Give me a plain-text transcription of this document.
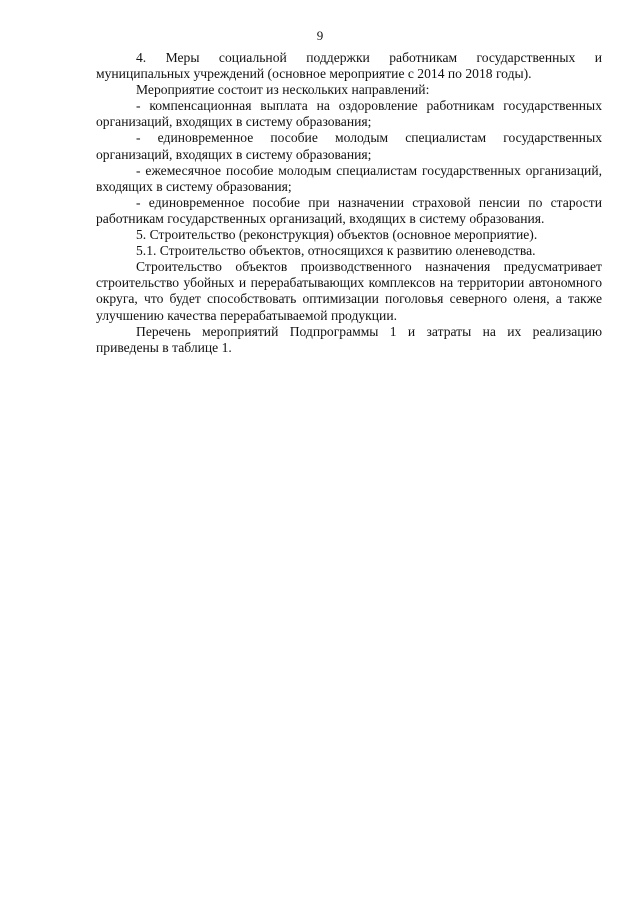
9

4. Меры социальной поддержки работникам государственных и муниципальных учреждений (основное мероприятие с 2014 по 2018 годы).

Мероприятие состоит из нескольких направлений:

- компенсационная выплата на оздоровление работникам государственных организаций, входящих в систему образования;

- единовременное пособие молодым специалистам государственных организаций, входящих в систему образования;

- ежемесячное пособие молодым специалистам государственных организаций, входящих в систему образования;

- единовременное пособие при назначении страховой пенсии по старости работникам государственных организаций, входящих в систему образования.

5. Строительство (реконструкция) объектов (основное мероприятие).

5.1. Строительство объектов, относящихся к развитию оленеводства.

Строительство объектов производственного назначения предусматривает строительство убойных и перерабатывающих комплексов на территории автономного округа, что будет способствовать оптимизации поголовья северного оленя, а также улучшению качества перерабатываемой продукции.

Перечень мероприятий Подпрограммы 1 и затраты на их реализацию приведены в таблице 1.
